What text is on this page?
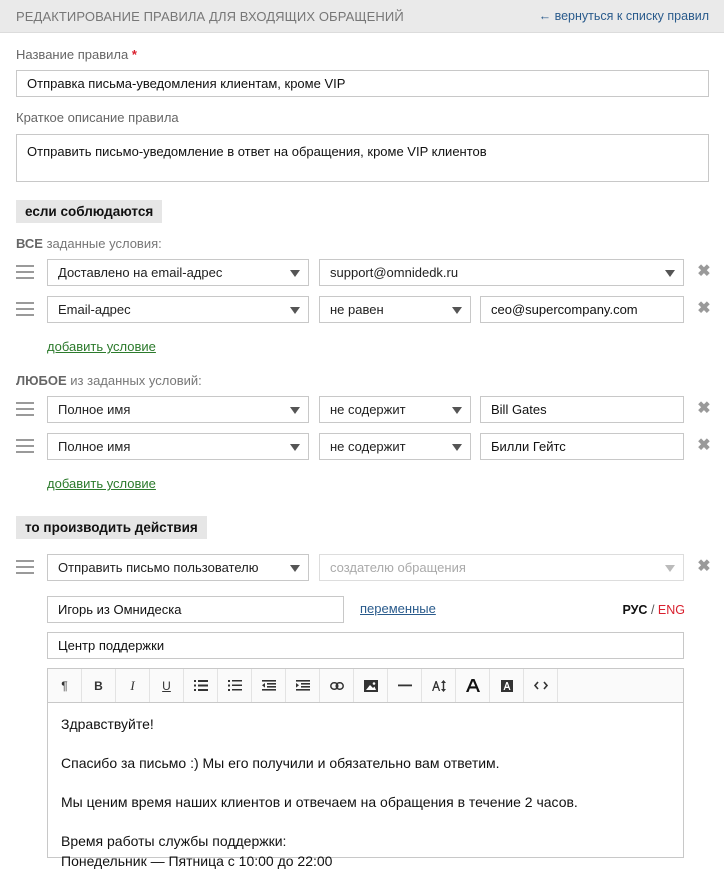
РЕДАКТИРОВАНИЕ ПРАВИЛА ДЛЯ ВХОДЯЩИХ ОБРАЩЕНИЙ	← вернуться к списку правил
Название правила *
Отправка письма-уведомления клиентам, кроме VIP
Краткое описание правила
Отправить письмо-уведомление в ответ на обращения, кроме VIP клиентов
если соблюдаются
ВСЕ заданные условия:
Доставлено на email-адрес	support@omnidedk.ru	✖
Email-адрес	не равен	ceo@supercompany.com	✖
добавить условие
ЛЮБОЕ из заданных условий:
Полное имя	не содержит	Bill Gates	✖
Полное имя	не содержит	Билли Гейтс	✖
добавить условие
то производить действия
Отправить письмо пользователю	создателю обращения	✖
Игорь из Омнидеска	переменные	РУС / ENG
Центр поддержки
¶ B I U

Здравствуйте!

Спасибо за письмо :) Мы его получили и обязательно вам ответим.

Мы ценим время наших клиентов и отвечаем на обращения в течение 2 часов.

Время работы службы поддержки:

Понедельник — Пятница с 10:00 до 22:00
